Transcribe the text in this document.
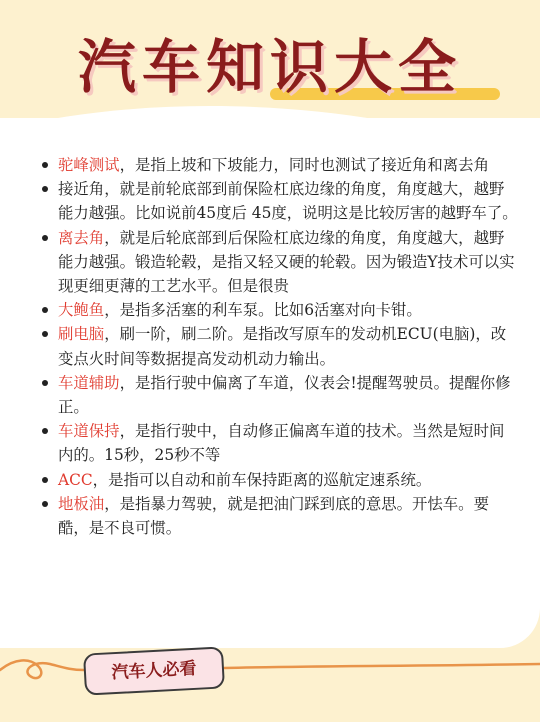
汽车知识大全
驼峰测试，是指上坡和下坡能力，同时也测试了接近角和离去角
接近角，就是前轮底部到前保险杠底边缘的角度，角度越大，越野能力越强。比如说前45度后 45度，说明这是比较厉害的越野车了。
离去角，就是后轮底部到后保险杠底边缘的角度，角度越大，越野能力越强。锻造轮毂，是指又轻又硬的轮毂。因为锻造Y技术可以实现更细更薄的工艺水平。但是很贵
大鲍鱼，是指多活塞的利车泵。比如6活塞对向卡钳。
刷电脑，刷一阶，刷二阶。是指改写原车的发动机ECU(电脑)，改变点火时间等数据提高发动机动力输出。
车道辅助，是指行驶中偏离了车道，仪表会!提醒驾驶员。提醒你修正。
车道保持，是指行驶中，自动修正偏离车道的技术。当然是短时间内的。15秒，25秒不等
ACC，是指可以自动和前车保持距离的巡航定速系统。
地板油，是指暴力驾驶，就是把油门踩到底的意思。开怯车。要酷，是不良可惯。
汽车人必看
